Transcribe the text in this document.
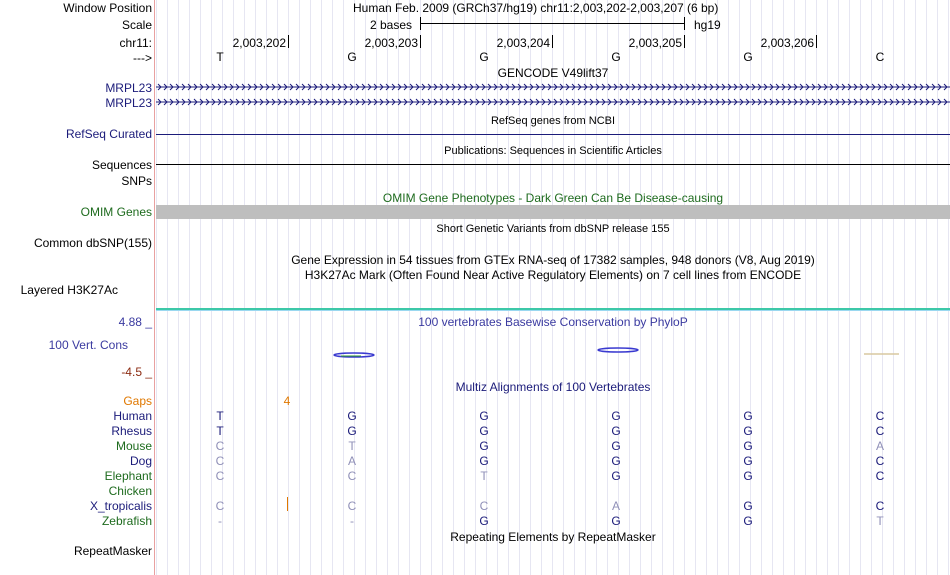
Window Position	Human Feb. 2009 (GRCh37/hg19) chr11:2,003,202-2,003,207 (6 bp)
Scale	2 bases	hg19
chr11:	2,003,202	2,003,203	2,003,204	2,003,205	2,003,206
--->	T	G	G	G	G	C
GENCODE V49lift37
MRPL23
MRPL23
RefSeq genes from NCBI
RefSeq Curated
Publications: Sequences in Scientific Articles
Sequences
SNPs
OMIM Gene Phenotypes - Dark Green Can Be Disease-causing
OMIM Genes
Short Genetic Variants from dbSNP release 155
Common dbSNP(155)
Gene Expression in 54 tissues from GTEx RNA-seq of 17382 samples, 948 donors (V8, Aug 2019)
H3K27Ac Mark (Often Found Near Active Regulatory Elements) on 7 cell lines from ENCODE
Layered H3K27Ac
4.88 _	100 vertebrates Basewise Conservation by PhyloP
100 Vert. Cons
-4.5 _
Multiz Alignments of 100 Vertebrates
Gaps	4
Human	T	G	G	G	G	C
Rhesus	T	G	G	G	G	C
Mouse	C	T	G	G	G	A
Dog	C	A	G	G	G	C
Elephant	C	C	T	G	G	C
Chicken
X_tropicalis	C	C	C	A	G	C
Zebrafish	-	-	G	G	G	T
Repeating Elements by RepeatMasker
RepeatMasker
